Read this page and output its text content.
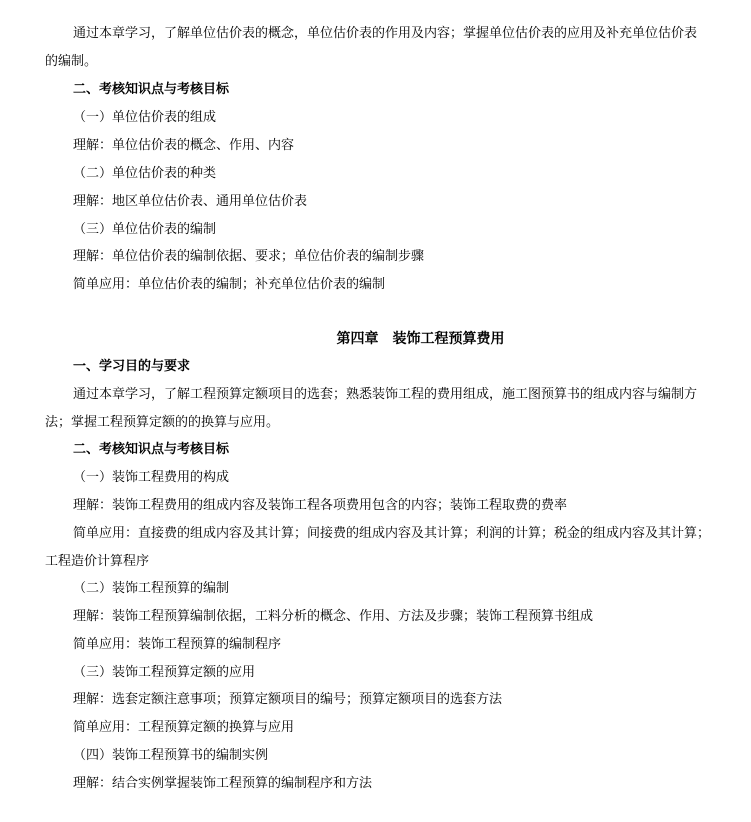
通过本章学习，了解单位估价表的概念，单位估价表的作用及内容；掌握单位估价表的应用及补充单位估价表
的编制。
二、考核知识点与考核目标
（一）单位估价表的组成
理解：单位估价表的概念、作用、内容
（二）单位估价表的种类
理解：地区单位估价表、通用单位估价表
（三）单位估价表的编制
理解：单位估价表的编制依据、要求；单位估价表的编制步骤
简单应用：单位估价表的编制；补充单位估价表的编制
第四章　装饰工程预算费用
一、学习目的与要求
通过本章学习，了解工程预算定额项目的选套；熟悉装饰工程的费用组成，施工图预算书的组成内容与编制方
法；掌握工程预算定额的的换算与应用。
二、考核知识点与考核目标
（一）装饰工程费用的构成
理解：装饰工程费用的组成内容及装饰工程各项费用包含的内容；装饰工程取费的费率
简单应用：直接费的组成内容及其计算；间接费的组成内容及其计算；利润的计算；税金的组成内容及其计算；
工程造价计算程序
（二）装饰工程预算的编制
理解：装饰工程预算编制依据，工料分析的概念、作用、方法及步骤；装饰工程预算书组成
简单应用：装饰工程预算的编制程序
（三）装饰工程预算定额的应用
理解：选套定额注意事项；预算定额项目的编号；预算定额项目的选套方法
简单应用：工程预算定额的换算与应用
（四）装饰工程预算书的编制实例
理解：结合实例掌握装饰工程预算的编制程序和方法
